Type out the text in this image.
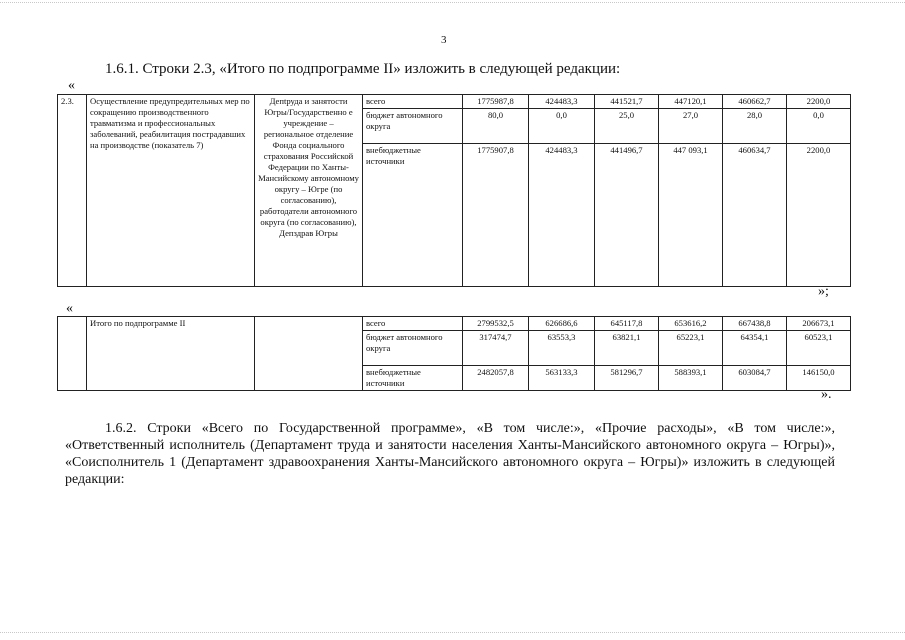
3
1.6.1. Строки 2.3, «Итого по подпрограмме II» изложить в следующей редакции:
«
2.3.	Осуществление предупредительных мер по сокращению производственного травматизма и профессиональных заболеваний, реабилитация пострадавших на производстве (показатель 7)	Депtруда и занятости Югры/Государственно е учреждение – региональное отделение Фонда социального страхования Российской Федерации по Ханты-Мансийскому автономному округу – Югре (по согласованию), работодатели автономного округа (по согласованию), Депздрав Югры	всего	1775987,8	424483,3	441521,7	447120,1	460662,7	2200,0
			бюджет автономного округа	80,0	0,0	25,0	27,0	28,0	0,0
			внебюджетные источники	1775907,8	424483,3	441496,7	447 093,1	460634,7	2200,0
»;
«
	Итого по подпрограмме II		всего	2799532,5	626686,6	645117,8	653616,2	667438,8	206673,1
			бюджет автономного округа	317474,7	63553,3	63821,1	65223,1	64354,1	60523,1
			внебюджетные источники	2482057,8	563133,3	581296,7	588393,1	603084,7	146150,0
».
1.6.2. Строки «Всего по Государственной программе», «В том числе:», «Прочие расходы», «В том числе:», «Ответственный исполнитель (Департамент труда и занятости населения Ханты-Мансийского автономного округа – Югры)», «Соисполнитель 1 (Департамент здравоохранения Ханты-Мансийского автономного округа – Югры)» изложить в следующей редакции:
